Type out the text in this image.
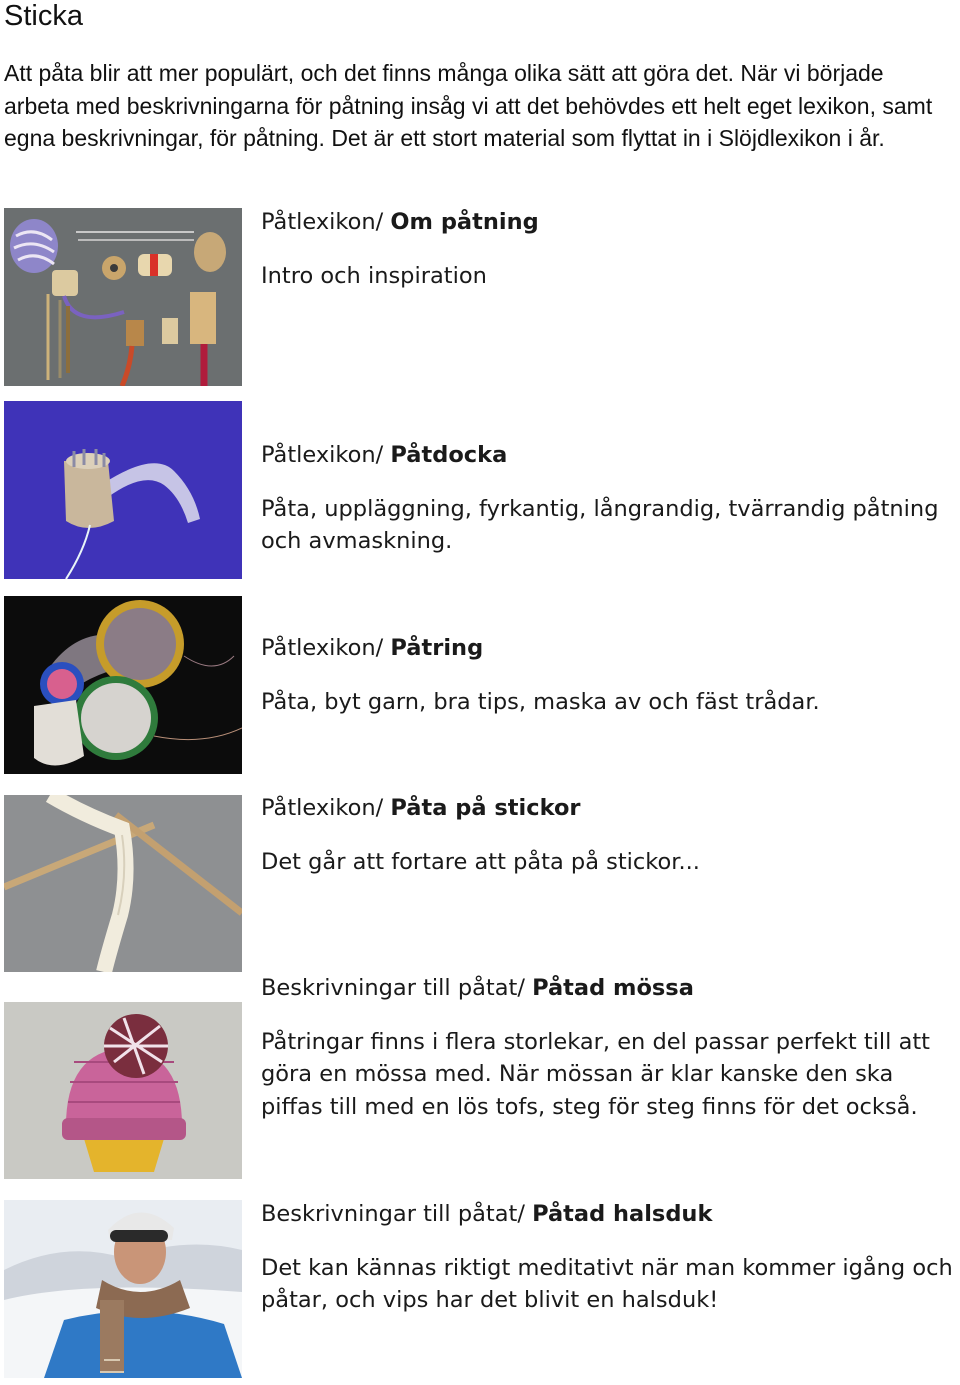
Sticka
Att påta blir att mer populärt, och det finns många olika sätt att göra det. När vi började arbeta med beskrivningarna för påtning insåg vi att det behövdes ett helt eget lexikon, samt egna beskrivningar, för påtning. Det är ett stort material som flyttat in i Slöjdlexikon i år.
Påtlexikon/ Om påtning
Intro och inspiration
Påtlexikon/ Påtdocka
Påta, uppläggning, fyrkantig, långrandig, tvärrandig påtning och avmaskning.
Påtlexikon/ Påtring
Påta, byt garn, bra tips, maska av och fäst trådar.
Påtlexikon/ Påta på stickor
Det går att fortare att påta på stickor...
Beskrivningar till påtat/ Påtad mössa
Påtringar finns i flera storlekar, en del passar perfekt till att göra en mössa med. När mössan är klar kanske den ska piffas till med en lös tofs, steg för steg finns för det också.
Beskrivningar till påtat/ Påtad halsduk
Det kan kännas riktigt meditativt när man kommer igång och påtar, och vips har det blivit en halsduk!
